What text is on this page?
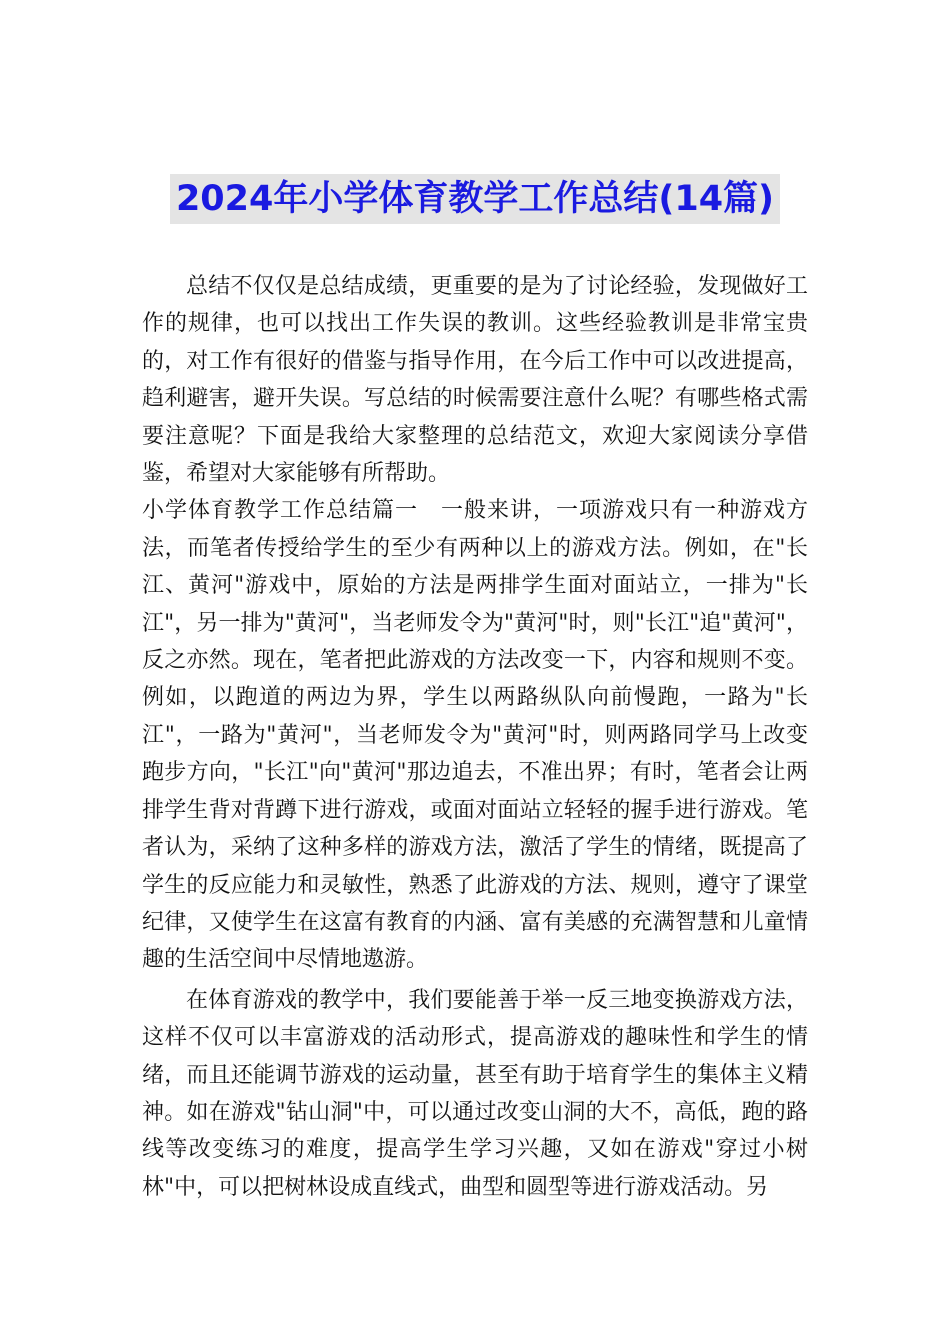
2024年小学体育教学工作总结(14篇)

总结不仅仅是总结成绩，更重要的是为了讨论经验，发现做好工作的规律，也可以找出工作失误的教训。这些经验教训是非常宝贵的，对工作有很好的借鉴与指导作用，在今后工作中可以改进提高，趋利避害，避开失误。写总结的时候需要注意什么呢？有哪些格式需要注意呢？下面是我给大家整理的总结范文，欢迎大家阅读分享借鉴，希望对大家能够有所帮助。

小学体育教学工作总结篇一　一般来讲，一项游戏只有一种游戏方法，而笔者传授给学生的至少有两种以上的游戏方法。例如，在"长江、黄河"游戏中，原始的方法是两排学生面对面站立，一排为"长江"，另一排为"黄河"，当老师发令为"黄河"时，则"长江"追"黄河"，反之亦然。现在，笔者把此游戏的方法改变一下，内容和规则不变。例如，以跑道的两边为界，学生以两路纵队向前慢跑，一路为"长江"，一路为"黄河"，当老师发令为"黄河"时，则两路同学马上改变跑步方向，"长江"向"黄河"那边追去，不准出界；有时，笔者会让两排学生背对背蹲下进行游戏，或面对面站立轻轻的握手进行游戏。笔者认为，采纳了这种多样的游戏方法，激活了学生的情绪，既提高了学生的反应能力和灵敏性，熟悉了此游戏的方法、规则，遵守了课堂纪律，又使学生在这富有教育的内涵、富有美感的充满智慧和儿童情趣的生活空间中尽情地遨游。

在体育游戏的教学中，我们要能善于举一反三地变换游戏方法，这样不仅可以丰富游戏的活动形式，提高游戏的趣味性和学生的情绪，而且还能调节游戏的运动量，甚至有助于培育学生的集体主义精神。如在游戏"钻山洞"中，可以通过改变山洞的大不，高低，跑的路线等改变练习的难度，提高学生学习兴趣，又如在游戏"穿过小树林"中，可以把树林设成直线式，曲型和圆型等进行游戏活动。另
